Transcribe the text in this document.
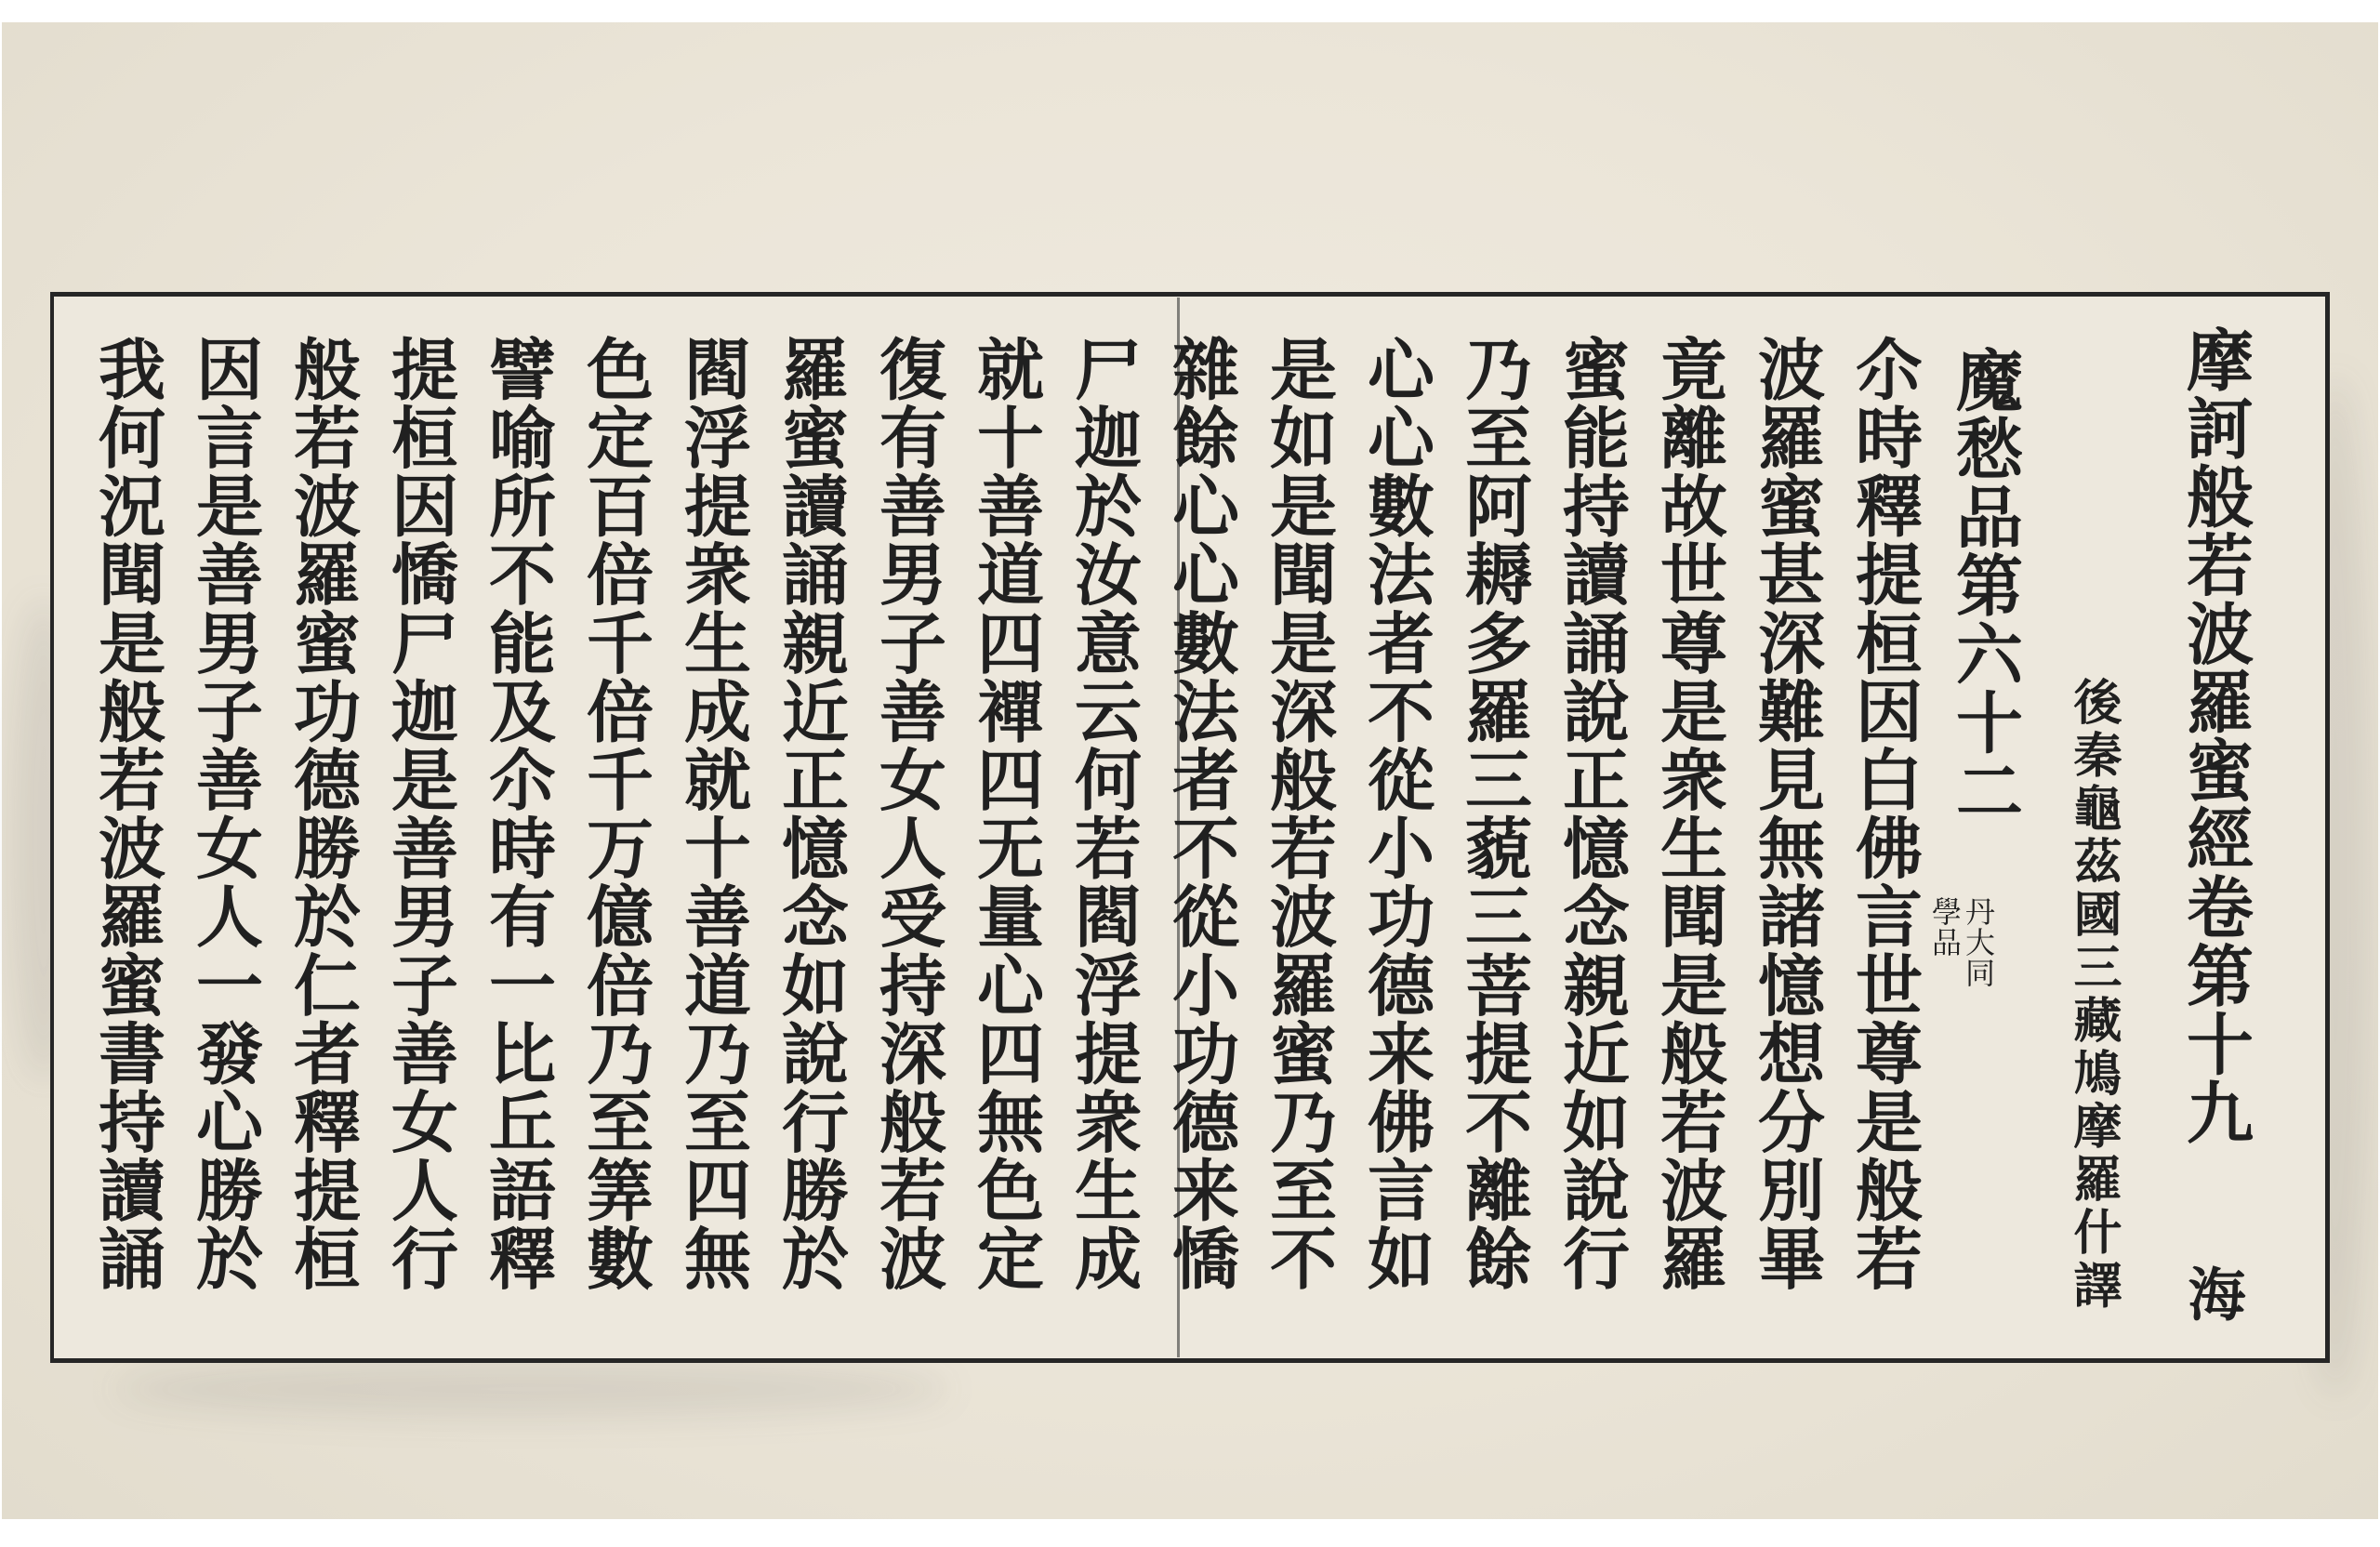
摩訶般若波羅蜜經卷第十九
海
後秦龜茲國三藏鳩摩羅什譯
魔愁品第六十二
丹大同
學品
尒時釋提桓因白佛言世尊是般若
波羅蜜甚深難見無諸憶想分別畢
竟離故世尊是衆生聞是般若波羅
蜜能持讀誦說正憶念親近如說行
乃至阿耨多羅三藐三菩提不離餘
心心數法者不從小功德来佛言如
是如是聞是深般若波羅蜜乃至不
雜餘心心數法者不從小功德来憍
尸迦於汝意云何若閻浮提衆生成
就十善道四襌四无量心四無色定
復有善男子善女人受持深般若波
羅蜜讀誦親近正憶念如說行勝於
閻浮提衆生成就十善道乃至四無
色定百倍千倍千万億倍乃至筭數
譬喻所不能及尒時有一比丘語釋
提桓因憍尸迦是善男子善女人行
般若波羅蜜功德勝於仁者釋提桓
因言是善男子善女人一發心勝於
我何況聞是般若波羅蜜書持讀誦
